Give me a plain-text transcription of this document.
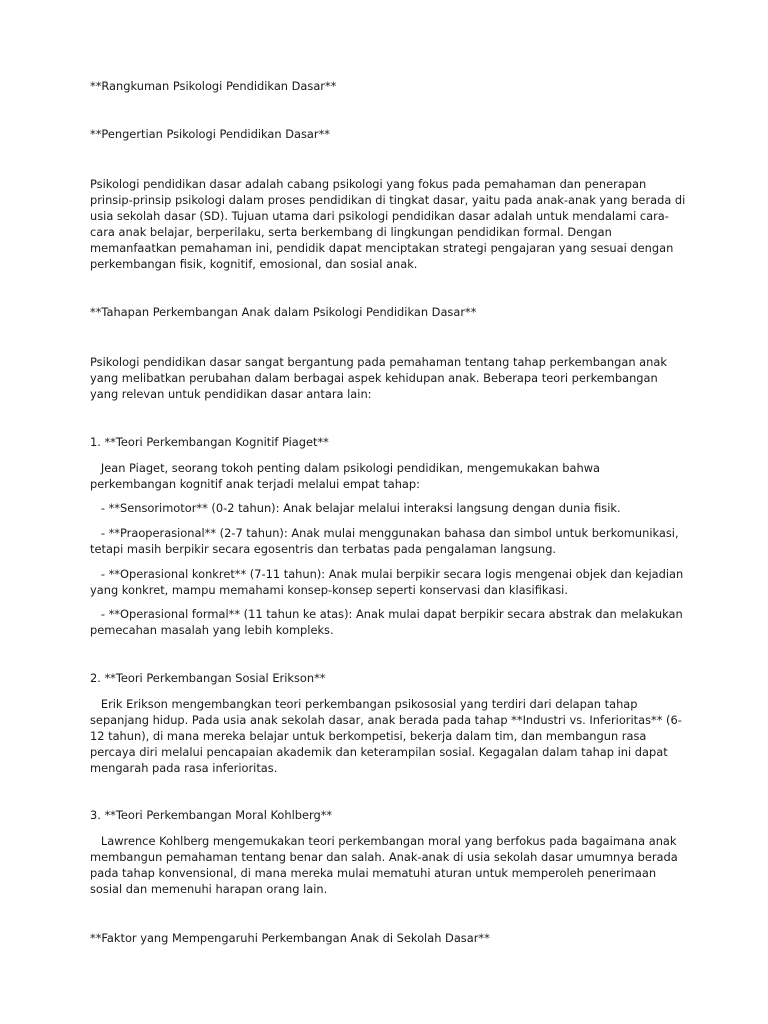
**Rangkuman Psikologi Pendidikan Dasar**

**Pengertian Psikologi Pendidikan Dasar**

Psikologi pendidikan dasar adalah cabang psikologi yang fokus pada pemahaman dan penerapan prinsip-prinsip psikologi dalam proses pendidikan di tingkat dasar, yaitu pada anak-anak yang berada di usia sekolah dasar (SD). Tujuan utama dari psikologi pendidikan dasar adalah untuk mendalami cara-cara anak belajar, berperilaku, serta berkembang di lingkungan pendidikan formal. Dengan memanfaatkan pemahaman ini, pendidik dapat menciptakan strategi pengajaran yang sesuai dengan perkembangan fisik, kognitif, emosional, dan sosial anak.

**Tahapan Perkembangan Anak dalam Psikologi Pendidikan Dasar**

Psikologi pendidikan dasar sangat bergantung pada pemahaman tentang tahap perkembangan anak yang melibatkan perubahan dalam berbagai aspek kehidupan anak. Beberapa teori perkembangan yang relevan untuk pendidikan dasar antara lain:

1. **Teori Perkembangan Kognitif Piaget**

Jean Piaget, seorang tokoh penting dalam psikologi pendidikan, mengemukakan bahwa perkembangan kognitif anak terjadi melalui empat tahap:

- **Sensorimotor** (0-2 tahun): Anak belajar melalui interaksi langsung dengan dunia fisik.

- **Praoperasional** (2-7 tahun): Anak mulai menggunakan bahasa dan simbol untuk berkomunikasi, tetapi masih berpikir secara egosentris dan terbatas pada pengalaman langsung.

- **Operasional konkret** (7-11 tahun): Anak mulai berpikir secara logis mengenai objek dan kejadian yang konkret, mampu memahami konsep-konsep seperti konservasi dan klasifikasi.

- **Operasional formal** (11 tahun ke atas): Anak mulai dapat berpikir secara abstrak dan melakukan pemecahan masalah yang lebih kompleks.

2. **Teori Perkembangan Sosial Erikson**

Erik Erikson mengembangkan teori perkembangan psikososial yang terdiri dari delapan tahap sepanjang hidup. Pada usia anak sekolah dasar, anak berada pada tahap **Industri vs. Inferioritas** (6-12 tahun), di mana mereka belajar untuk berkompetisi, bekerja dalam tim, dan membangun rasa percaya diri melalui pencapaian akademik dan keterampilan sosial. Kegagalan dalam tahap ini dapat mengarah pada rasa inferioritas.

3. **Teori Perkembangan Moral Kohlberg**

Lawrence Kohlberg mengemukakan teori perkembangan moral yang berfokus pada bagaimana anak membangun pemahaman tentang benar dan salah. Anak-anak di usia sekolah dasar umumnya berada pada tahap konvensional, di mana mereka mulai mematuhi aturan untuk memperoleh penerimaan sosial dan memenuhi harapan orang lain.

**Faktor yang Mempengaruhi Perkembangan Anak di Sekolah Dasar**
